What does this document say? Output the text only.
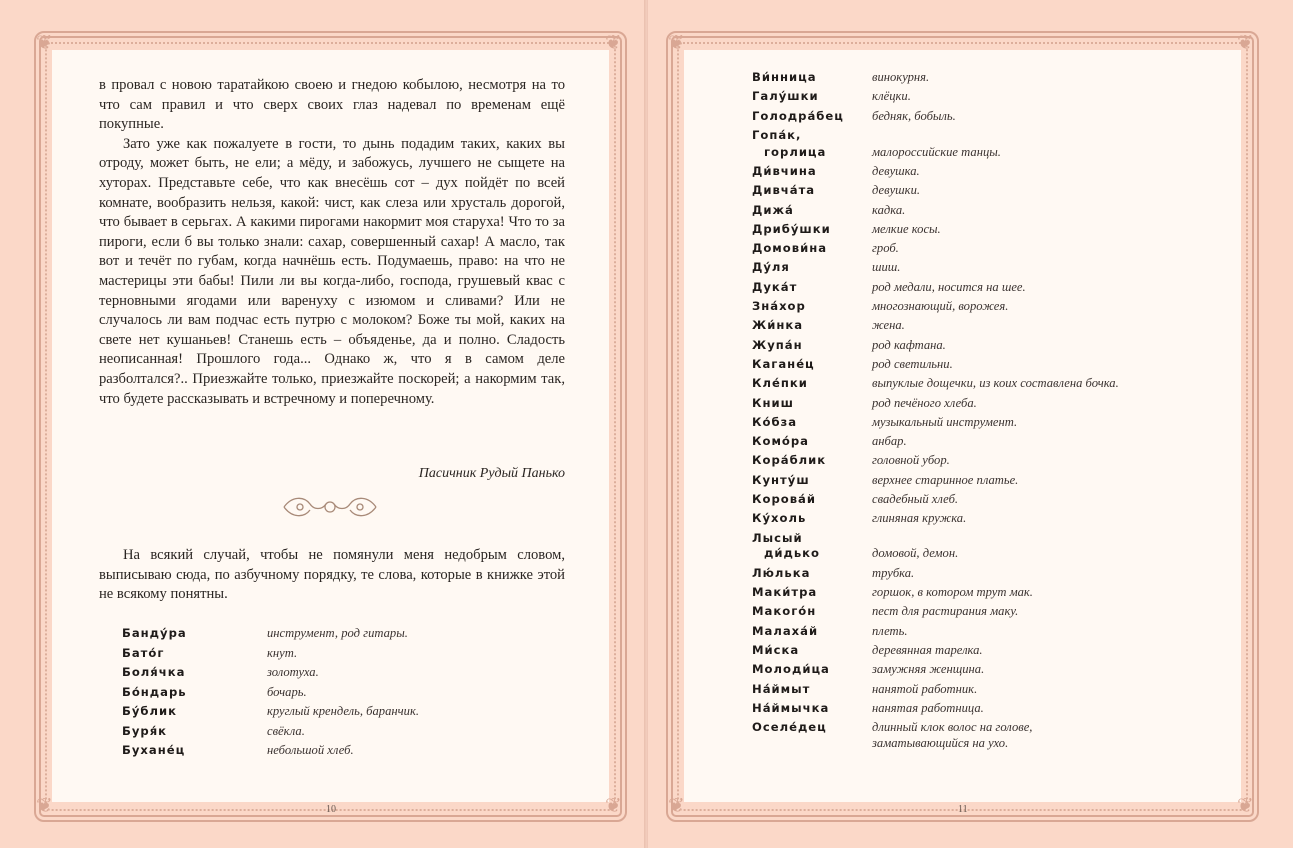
❦	❦
❦	❦

в провал с новою таратайкою своею и гнедою кобылою, несмотря на то что сам правил и что сверх своих глаз надевал по временам ещё покупные.

Зато уже как пожалуете в гости, то дынь подадим таких, каких вы отроду, может быть, не ели; а мёду, и забожусь, лучшего не сыщете на хуторах. Представьте себе, что как внесёшь сот – дух пойдёт по всей комнате, вообразить нельзя, какой: чист, как слеза или хрусталь дорогой, что бывает в серьгах. А какими пирогами накормит моя старуха! Что то за пироги, если б вы только знали: сахар, совершенный сахар! А масло, так вот и течёт по губам, когда начнёшь есть. Подумаешь, право: на что не мастерицы эти бабы! Пили ли вы когда-либо, господа, грушевый квас с терновными ягодами или варенуху с изюмом и сливами? Или не случалось ли вам подчас есть путрю с молоком? Боже ты мой, каких на свете нет кушаньев! Станешь есть – объяденье, да и полно. Сладость неописанная! Прошлого года... Однако ж, что я в самом деле разболтался?.. Приезжайте только, приезжайте поскорей; а накормим так, что будете рассказывать и встречному и поперечному.

Пасичник Рудый Панько

На всякий случай, чтобы не помянули меня недобрым словом, выписываю сюда, по азбучному порядку, те слова, которые в книжке этой не всякому понятны.

Банду́ра	инструмент, род гитары.
Бато́г	кнут.
Боля́чка	золотуха.
Бо́ндарь	бочарь.
Бу́блик	круглый крендель, баранчик.
Буря́к	свёкла.
Бухане́ц	небольшой хлеб.
10
❦	❦
❦	❦
Ви́нница	винокурня.
Галу́шки	клёцки.
Голодра́бец бедняк, бобыль.
Гопа́к,
горлица	малороссийские танцы.
Ди́вчина	девушка.
Дивча́та	девушки.
Дижа́	кадка.
Дрибу́шки	мелкие косы.
Домови́на	гроб.
Ду́ля	шиш.
Дука́т	род медали, носится на шее.
Зна́хор	многознающий, ворожея.
Жи́нка	жена.
Жупа́н	род кафтана.
Кагане́ц	род светильни.
Кле́пки	выпуклые дощечки, из коих составлена бочка.
Книш	род печёного хлеба.
Ко́бза	музыкальный инструмент.
Комо́ра	анбар.
Кора́блик	головной убор.
Кунту́ш	верхнее старинное платье.
Корова́й	свадебный хлеб.
Ку́холь	глиняная кружка.
Лысый
ди́дько	домовой, демон.
Лю́лька	трубка.
Маки́тра	горшок, в котором трут мак.
Макого́н	пест для растирания маку.
Малаха́й	плеть.
Ми́ска	деревянная тарелка.
Молоди́ца	замужняя женщина.
На́ймыт	нанятой работник.
На́ймычка	нанятая работница.
Оселе́дец	длинный клок волос на голове,
заматывающийся на ухо.
11
